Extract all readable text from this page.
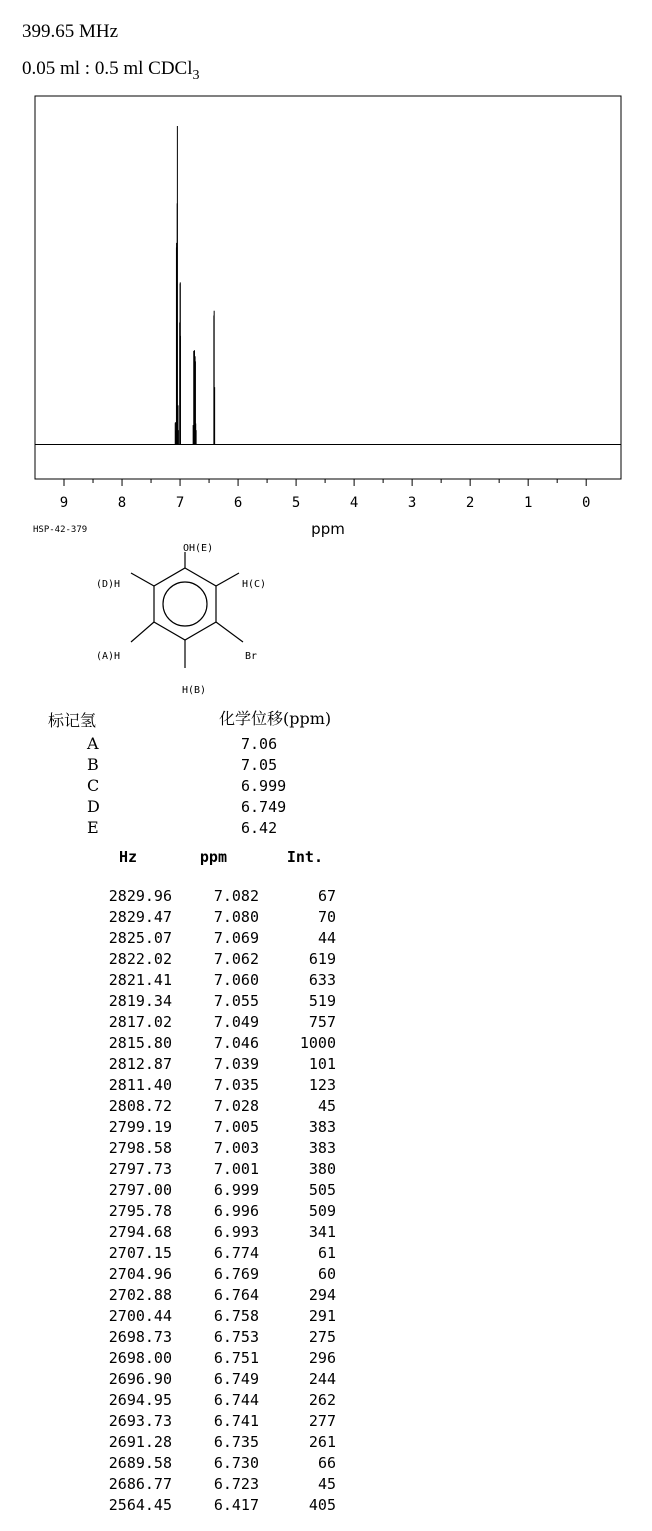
399.65 MHz
0.05 ml : 0.5 ml CDCl$_3$
9	8	7	6	5	4	3	2	1	0
ppm
HSP-42-379
OH(E)
(D)H	H(C)
(A)H	Br
H(B)
标记氢	化学位移(ppm)
A	7.06
B	7.05
C	6.999
D	6.749
E	6.42
Hz	ppm	Int.
2829.96	7.082	67
2829.47	7.080	70
2825.07	7.069	44
2822.02	7.062	619
2821.41	7.060	633
2819.34	7.055	519
2817.02	7.049	757
2815.80	7.046	1000
2812.87	7.039	101
2811.40	7.035	123
2808.72	7.028	45
2799.19	7.005	383
2798.58	7.003	383
2797.73	7.001	380
2797.00	6.999	505
2795.78	6.996	509
2794.68	6.993	341
2707.15	6.774	61
2704.96	6.769	60
2702.88	6.764	294
2700.44	6.758	291
2698.73	6.753	275
2698.00	6.751	296
2696.90	6.749	244
2694.95	6.744	262
2693.73	6.741	277
2691.28	6.735	261
2689.58	6.730	66
2686.77	6.723	45
2564.45	6.417	405
